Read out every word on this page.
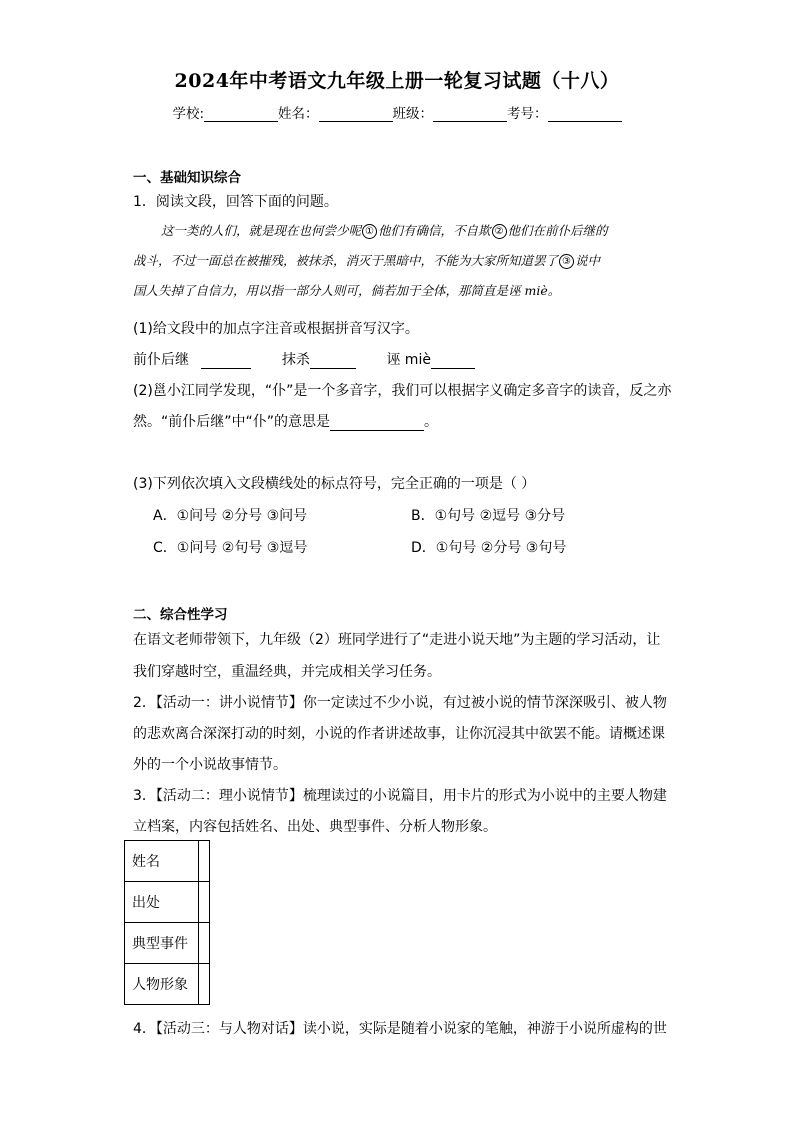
2024年中考语文九年级上册一轮复习试题（十八）
学校:	姓名：	班级：	考号：
一、基础知识综合
1．阅读文段，回答下面的问题。
这一类的人们，就是现在也何尝少呢 ① 他们有确信，不自欺 ② 他们在前仆后继的
战斗，不过一面总在被摧残，被抹杀，消灭于黑暗中，不能为大家所知道罢了 ③ 说中
国人失掉了自信力，用以指一部分人则可，倘若加于全体，那简直是诬 miè。
(1)给文段中的加点字注音或根据拼音写汉字。
前仆后继	抹杀	诬 miè
(2)邕小江同学发现，“仆”是一个多音字，我们可以根据字义确定多音字的读音，反之亦
然。“前仆后继”中“仆”的意思是	。
(3)下列依次填入文段横线处的标点符号，完全正确的一项是（ ）
A．①问号 ②分号 ③问号	B．①句号 ②逗号 ③分号
C．①问号 ②句号 ③逗号	D．①句号 ②分号 ③句号
二、综合性学习
在语文老师带领下，九年级（2）班同学进行了“走进小说天地”为主题的学习活动，让
我们穿越时空，重温经典，并完成相关学习任务。
2．【活动一：讲小说情节】你一定读过不少小说，有过被小说的情节深深吸引、被人物
的悲欢离合深深打动的时刻，小说的作者讲述故事，让你沉浸其中欲罢不能。请概述课
外的一个小说故事情节。
3．【活动二：理小说情节】梳理读过的小说篇目，用卡片的形式为小说中的主要人物建
立档案，内容包括姓名、出处、典型事件、分析人物形象。
姓名	
出处	
典型事件	
人物形象	
4．【活动三：与人物对话】读小说，实际是随着小说家的笔触，神游于小说所虚构的世
